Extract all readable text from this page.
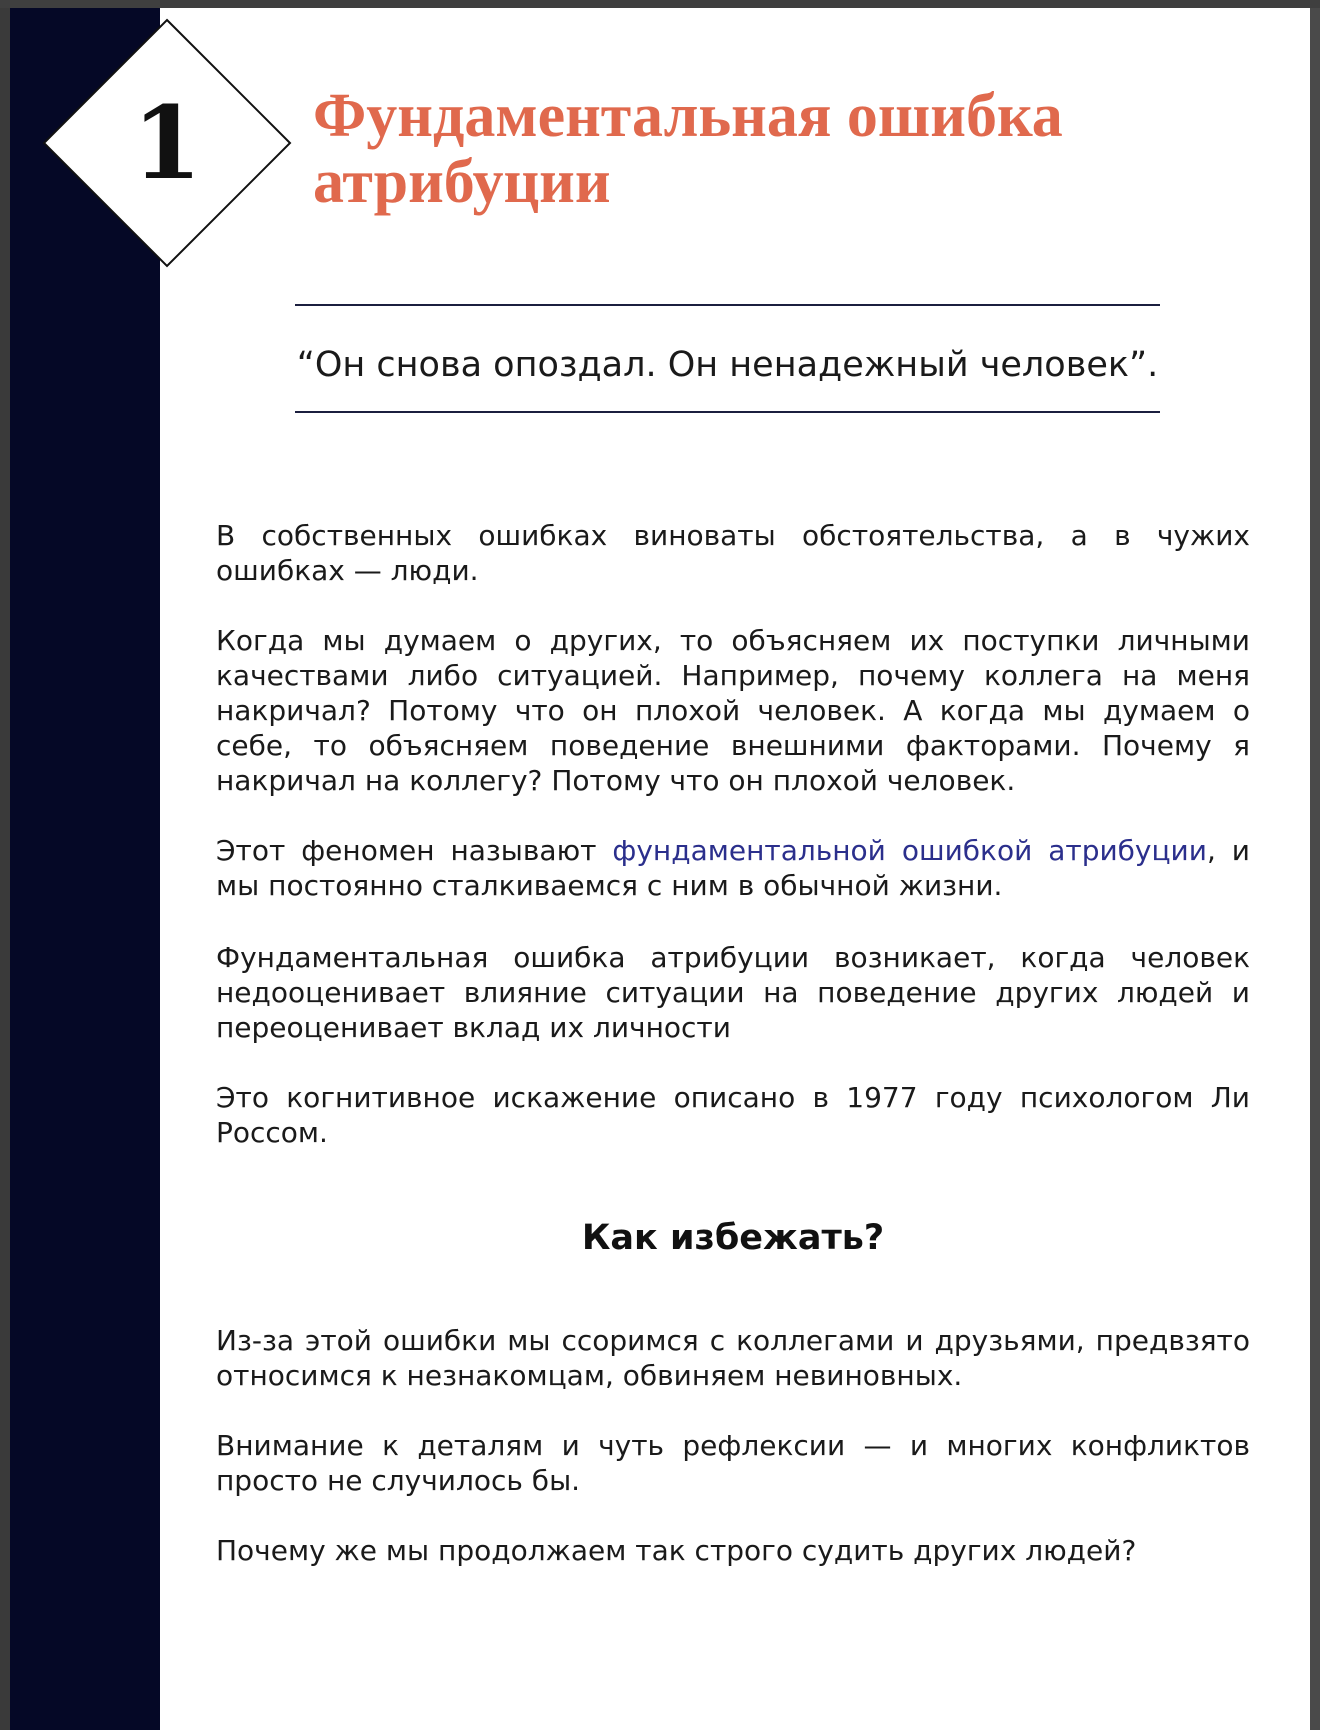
1	Фундаментальная ошибка атрибуции

“Он снова опоздал. Он ненадежный человек”.

В собственных ошибках виноваты обстоятельства, а в чужих ошибках — люди.

Когда мы думаем о других, то объясняем их поступки личными качествами либо ситуацией. Например, почему коллега на меня накричал? Потому что он плохой человек. А когда мы думаем о себе, то объясняем поведение внешними факторами. Почему я накричал на коллегу? Потому что он плохой человек.

Этот феномен называют фундаментальной ошибкой атрибуции, и мы постоянно сталкиваемся с ним в обычной жизни.

Фундаментальная ошибка атрибуции возникает, когда человек недооценивает влияние ситуации на поведение других людей и переоценивает вклад их личности

Это когнитивное искажение описано в 1977 году психологом Ли Россом.

Как избежать?

Из-за этой ошибки мы ссоримся с коллегами и друзьями, предвзято относимся к незнакомцам, обвиняем невиновных.

Внимание к деталям и чуть рефлексии — и многих конфликтов просто не случилось бы.

Почему же мы продолжаем так строго судить других людей?
